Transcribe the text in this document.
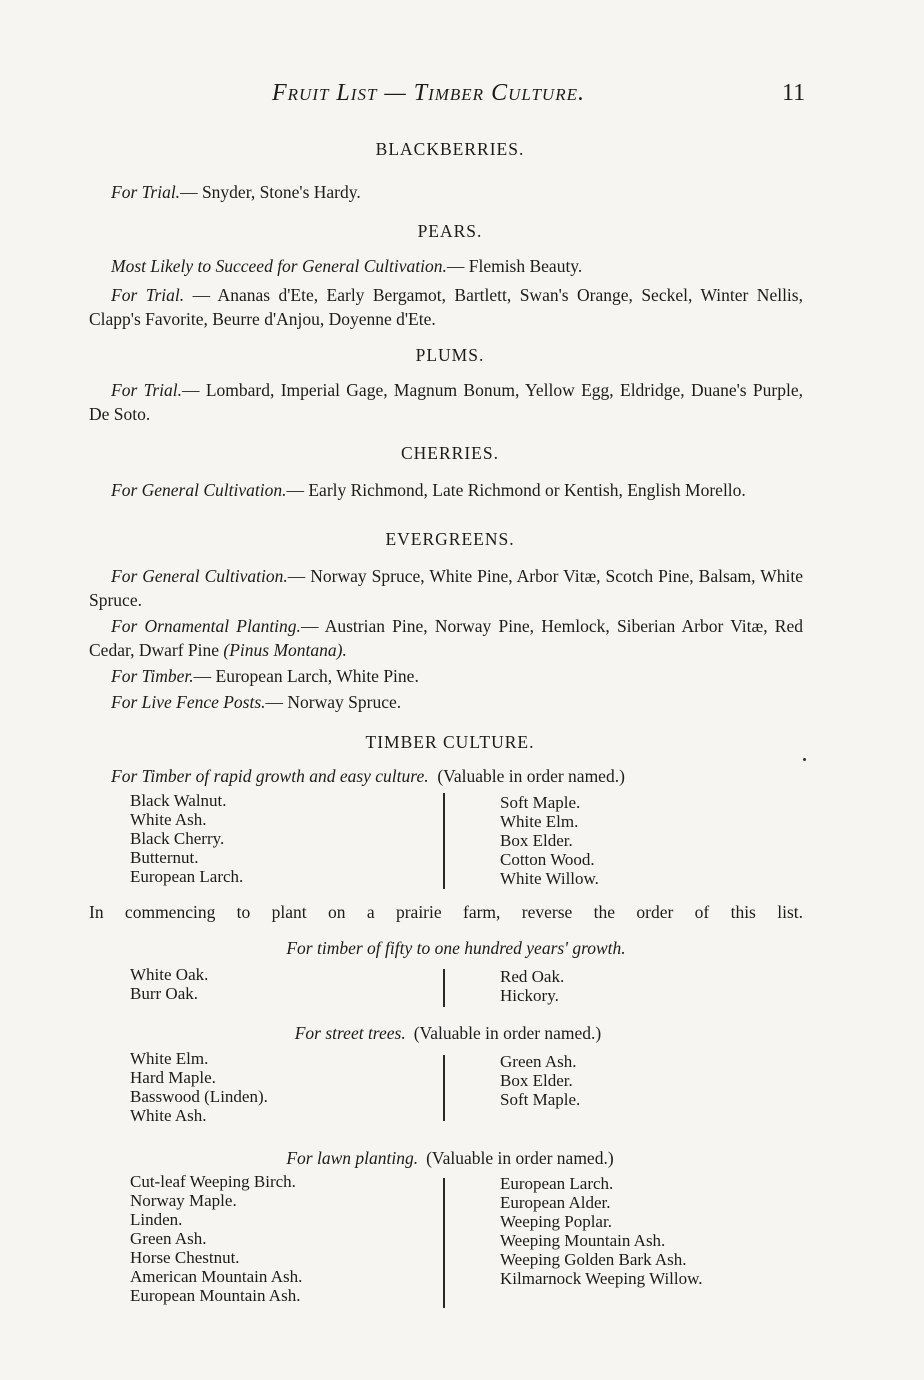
Fruit List — Timber Culture.	11
BLACKBERRIES.
For Trial.— Snyder, Stone's Hardy.
PEARS.
Most Likely to Succeed for General Cultivation.— Flemish Beauty.
For Trial. — Ananas d'Ete, Early Bergamot, Bartlett, Swan's Orange, Seckel, Winter Nellis, Clapp's Favorite, Beurre d'Anjou, Doyenne d'Ete.
PLUMS.
For Trial.— Lombard, Imperial Gage, Magnum Bonum, Yellow Egg, Eldridge, Duane's Purple, De Soto.
CHERRIES.
For General Cultivation.— Early Richmond, Late Richmond or Kentish, English Morello.
EVERGREENS.
For General Cultivation.— Norway Spruce, White Pine, Arbor Vitæ, Scotch Pine, Balsam, White Spruce.
For Ornamental Planting.— Austrian Pine, Norway Pine, Hemlock, Siberian Arbor Vitæ, Red Cedar, Dwarf Pine (Pinus Montana).
For Timber.— European Larch, White Pine.
For Live Fence Posts.— Norway Spruce.
TIMBER CULTURE.
For Timber of rapid growth and easy culture. (Valuable in order named.)
Black Walnut.
White Ash.
Black Cherry.
Butternut.
European Larch.
Soft Maple.
White Elm.
Box Elder.
Cotton Wood.
White Willow.
In commencing to plant on a prairie farm, reverse the order of this list.
For timber of fifty to one hundred years' growth.
White Oak.
Burr Oak.
Red Oak.
Hickory.
For street trees. (Valuable in order named.)
White Elm.
Hard Maple.
Basswood (Linden).
White Ash.
Green Ash.
Box Elder.
Soft Maple.
For lawn planting. (Valuable in order named.)
Cut-leaf Weeping Birch.
Norway Maple.
Linden.
Green Ash.
Horse Chestnut.
American Mountain Ash.
European Mountain Ash.
European Larch.
European Alder.
Weeping Poplar.
Weeping Mountain Ash.
Weeping Golden Bark Ash.
Kilmarnock Weeping Willow.
